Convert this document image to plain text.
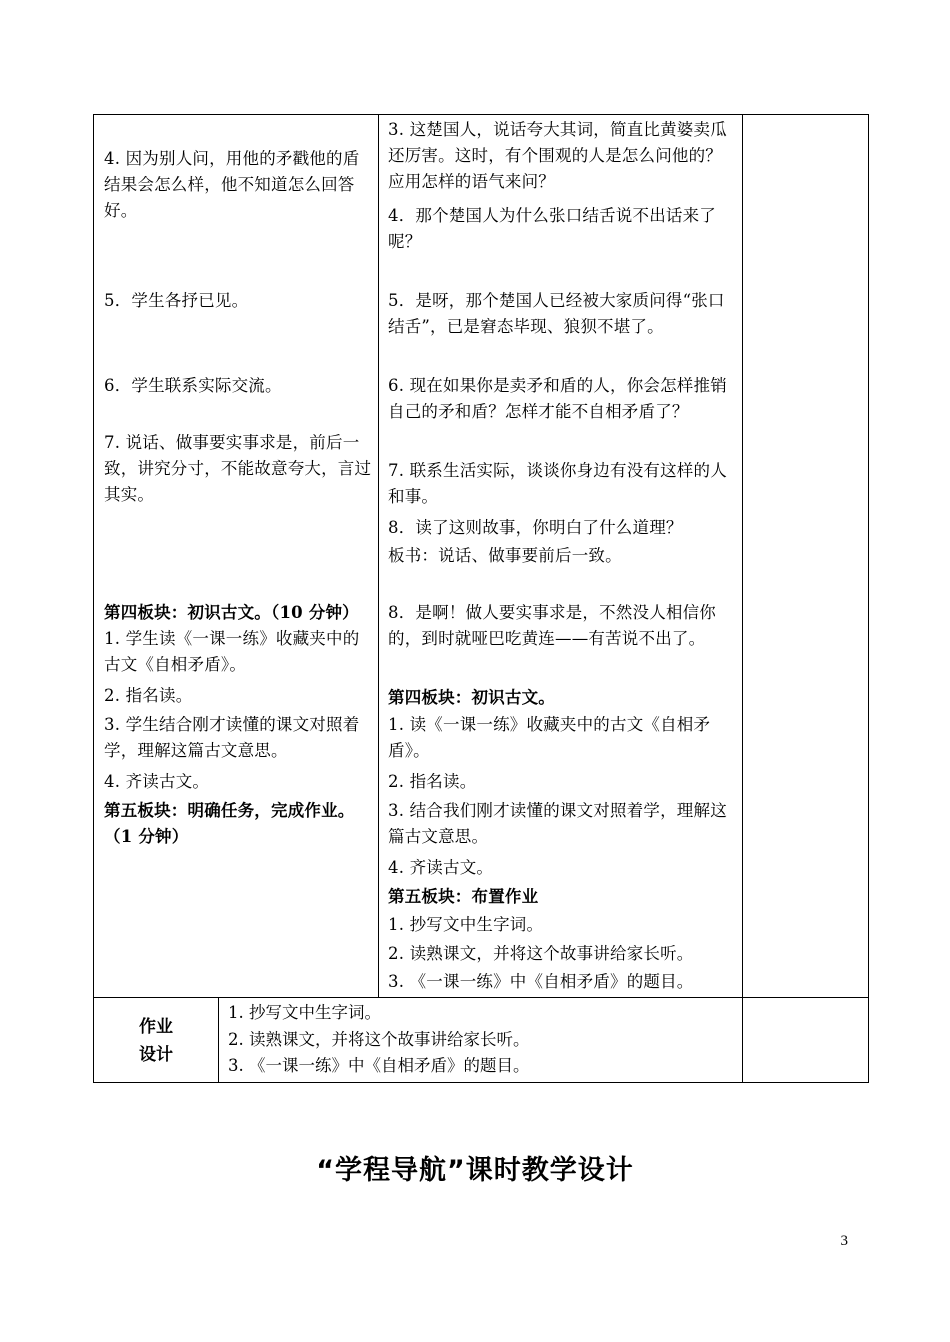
4. 因为别人问，用他的矛戳他的盾结果会怎么样，他不知道怎么回答好。

5．学生各抒已见。

6．学生联系实际交流。

7. 说话、做事要实事求是，前后一致，讲究分寸，不能故意夸大，言过其实。

第四板块：初识古文。（10 分钟）

1. 学生读《一课一练》收藏夹中的古文《自相矛盾》。

2. 指名读。

3. 学生结合刚才读懂的课文对照着学，理解这篇古文意思。

4. 齐读古文。

第五板块：明确任务，完成作业。（1 分钟）

3. 这楚国人，说话夸大其词，简直比黄婆卖瓜还厉害。这时，有个围观的人是怎么问他的？应用怎样的语气来问？

4．那个楚国人为什么张口结舌说不出话来了呢？

5．是呀，那个楚国人已经被大家质问得“张口结舌”，已是窘态毕现、狼狈不堪了。

6. 现在如果你是卖矛和盾的人，你会怎样推销自己的矛和盾？怎样才能不自相矛盾了？

7. 联系生活实际，谈谈你身边有没有这样的人和事。

8．读了这则故事，你明白了什么道理？

板书：说话、做事要前后一致。

8．是啊！做人要实事求是，不然没人相信你的，到时就哑巴吃黄连——有苦说不出了。

第四板块：初识古文。

1. 读《一课一练》收藏夹中的古文《自相矛盾》。

2. 指名读。

3. 结合我们刚才读懂的课文对照着学，理解这篇古文意思。

4. 齐读古文。

第五板块：布置作业

1. 抄写文中生字词。

2. 读熟课文，并将这个故事讲给家长听。

3. 《一课一练》中《自相矛盾》的题目。

作业
设计
1. 抄写文中生字词。
2. 读熟课文，并将这个故事讲给家长听。
3. 《一课一练》中《自相矛盾》的题目。
“学程导航”课时教学设计
3
